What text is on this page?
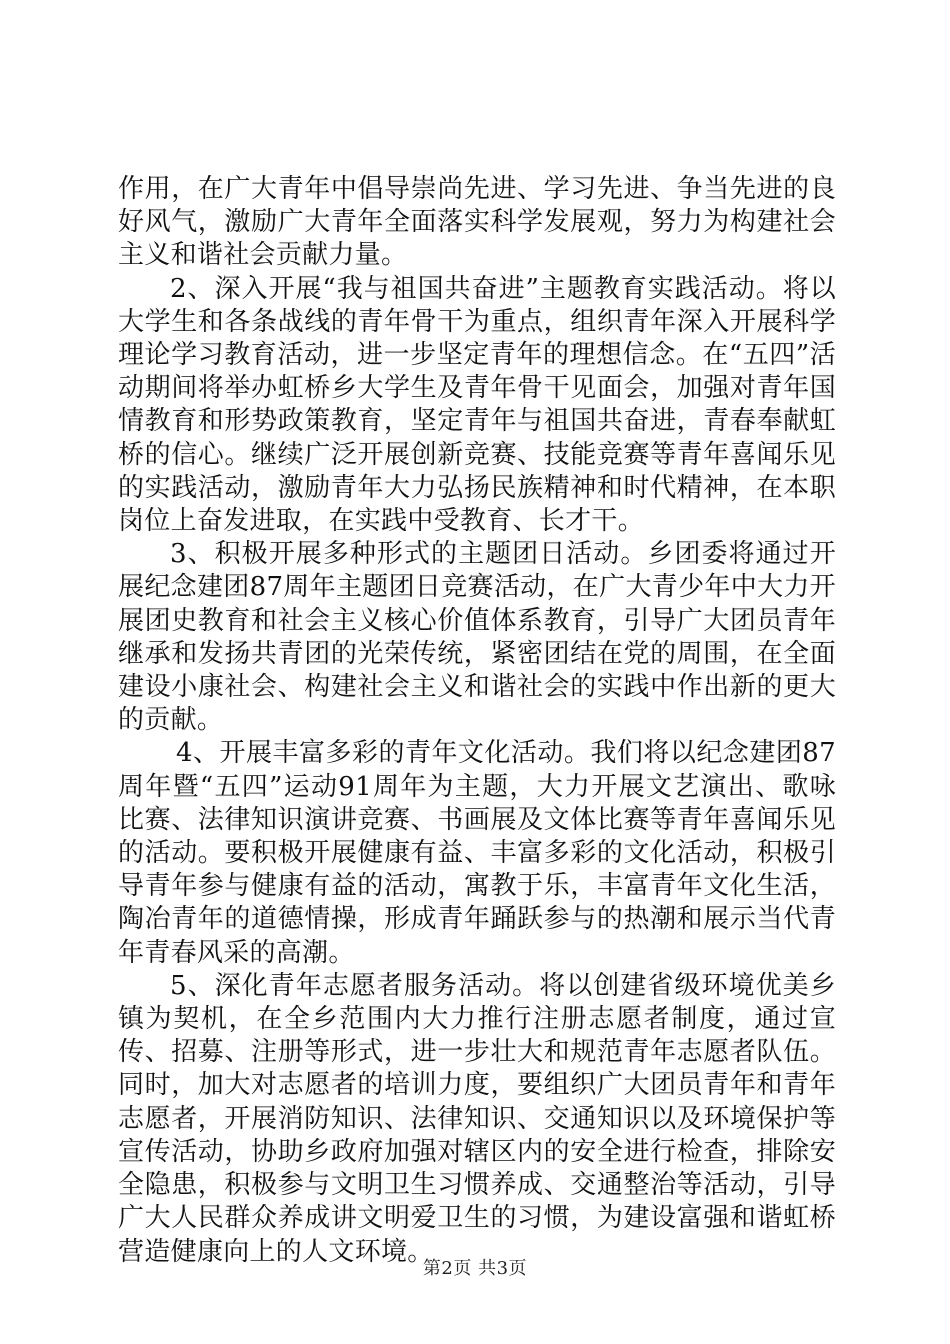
作用，在广大青年中倡导崇尚先进、学习先进、争当先进的良好风气，激励广大青年全面落实科学发展观，努力为构建社会主义和谐社会贡献力量。

2、深入开展“我与祖国共奋进”主题教育实践活动。将以大学生和各条战线的青年骨干为重点，组织青年深入开展科学理论学习教育活动，进一步坚定青年的理想信念。在“五四”活动期间将举办虹桥乡大学生及青年骨干见面会，加强对青年国情教育和形势政策教育，坚定青年与祖国共奋进，青春奉献虹桥的信心。继续广泛开展创新竞赛、技能竞赛等青年喜闻乐见的实践活动，激励青年大力弘扬民族精神和时代精神，在本职岗位上奋发进取，在实践中受教育、长才干。

3、积极开展多种形式的主题团日活动。乡团委将通过开展纪念建团87周年主题团日竞赛活动，在广大青少年中大力开展团史教育和社会主义核心价值体系教育，引导广大团员青年继承和发扬共青团的光荣传统，紧密团结在党的周围，在全面建设小康社会、构建社会主义和谐社会的实践中作出新的更大的贡献。

4、开展丰富多彩的青年文化活动。我们将以纪念建团87周年暨“五四”运动91周年为主题，大力开展文艺演出、歌咏比赛、法律知识演讲竞赛、书画展及文体比赛等青年喜闻乐见的活动。要积极开展健康有益、丰富多彩的文化活动，积极引导青年参与健康有益的活动，寓教于乐，丰富青年文化生活，陶冶青年的道德情操，形成青年踊跃参与的热潮和展示当代青年青春风采的高潮。

5、深化青年志愿者服务活动。将以创建省级环境优美乡镇为契机，在全乡范围内大力推行注册志愿者制度，通过宣传、招募、注册等形式，进一步壮大和规范青年志愿者队伍。同时，加大对志愿者的培训力度，要组织广大团员青年和青年志愿者，开展消防知识、法律知识、交通知识以及环境保护等宣传活动，协助乡政府加强对辖区内的安全进行检查，排除安全隐患，积极参与文明卫生习惯养成、交通整治等活动，引导广大人民群众养成讲文明爱卫生的习惯，为建设富强和谐虹桥营造健康向上的人文环境。

第2页 共3页
